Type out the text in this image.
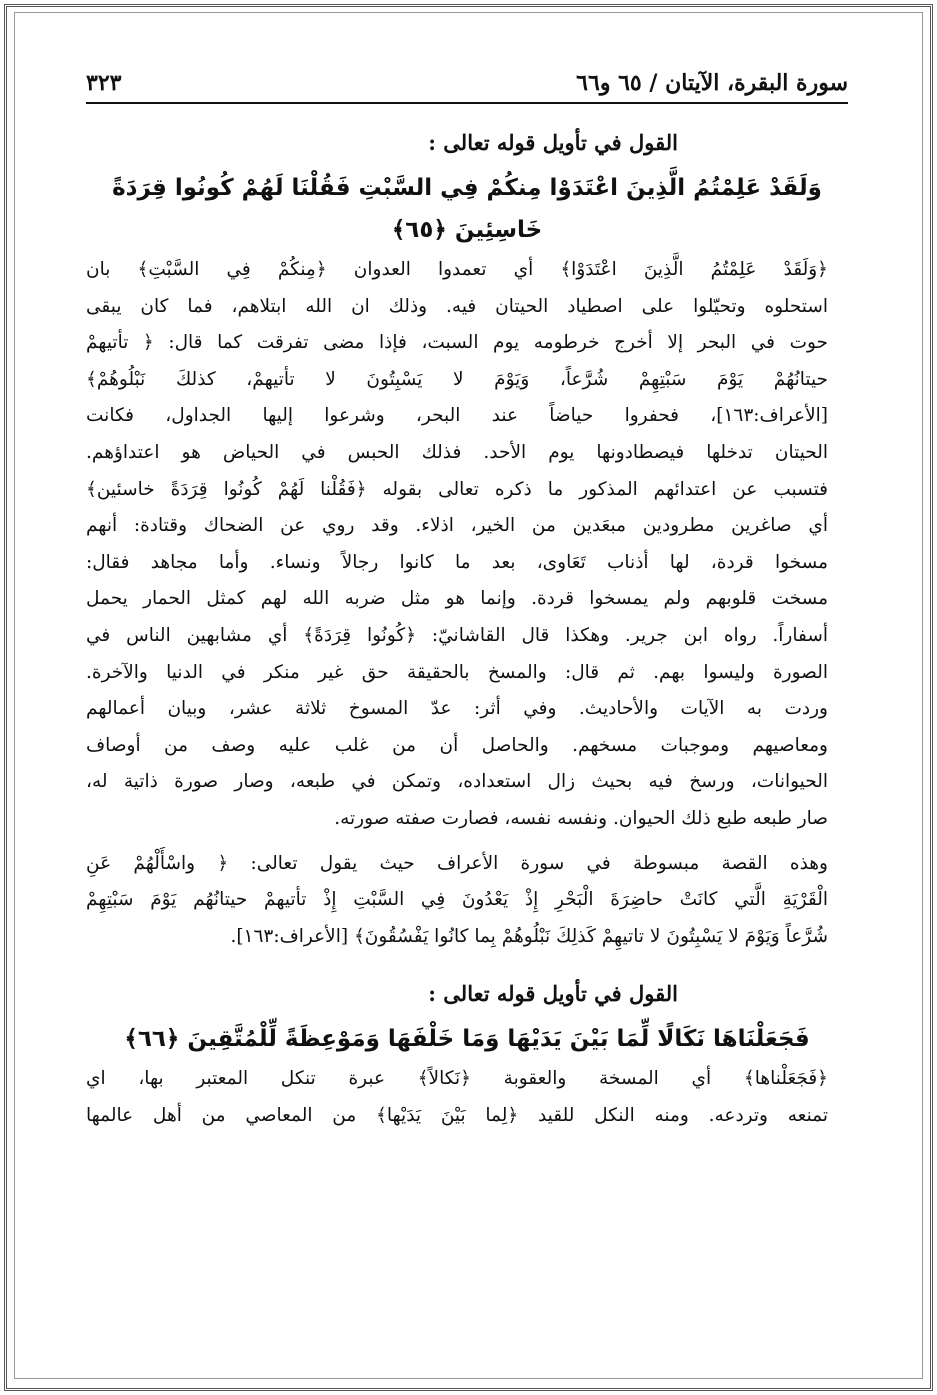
سورة البقرة، الآيتان / ٦٥ و٦٦
٣٢٣
القول في تأويل قوله تعالى :
وَلَقَدْ عَلِمْتُمُ الَّذِينَ اعْتَدَوْا مِنكُمْ فِي السَّبْتِ فَقُلْنَا لَهُمْ كُونُوا قِرَدَةً
خَاسِئِينَ ﴿٦٥﴾
﴿وَلَقَدْ عَلِمْتُمُ الَّذِينَ اعْتَدَوْا﴾ أي تعمدوا العدوان ﴿مِنكُمْ فِي السَّبْتِ﴾ بان
استحلوه وتحيّلوا على اصطياد الحيتان فيه. وذلك ان الله ابتلاهم، فما كان يبقى
حوت في البحر إلا أخرج خرطومه يوم السبت، فإذا مضى تفرقت كما قال: ﴿ تأتيهمْ
حيتانُهُمْ يَوْمَ سَبْتِهِمْ شُرَّعاً، وَيَوْمَ لا يَسْبِتُونَ لا تأتيهمْ، كذلكَ نَبْلُوهُمْ﴾
[الأعراف:١٦٣]، فحفروا حياضاً عند البحر، وشرعوا إليها الجداول، فكانت
الحيتان تدخلها فيصطادونها يوم الأحد. فذلك الحبس في الحياض هو اعتداؤهم.
فتسبب عن اعتدائهم المذكور ما ذكره تعالى بقوله ﴿فَقُلْنا لَهُمْ كُونُوا قِرَدَةً خاسئين﴾
أي صاغرين مطرودين مبعَدين من الخير، اذلاء. وقد روي عن الضحاك وقتادة: أنهم
مسخوا قردة، لها أذناب تَعَاوى، بعد ما كانوا رجالاً ونساء. وأما مجاهد فقال:
مسخت قلوبهم ولم يمسخوا قردة. وإنما هو مثل ضربه الله لهم كمثل الحمار يحمل
أسفاراً. رواه ابن جرير. وهكذا قال القاشانيّ: ﴿كُونُوا قِرَدَةً﴾ أي مشابهين الناس في
الصورة وليسوا بهم. ثم قال: والمسخ بالحقيقة حق غير منكر في الدنيا والآخرة.
وردت به الآيات والأحاديث. وفي أثر: عدّ المسوخ ثلاثة عشر، وبيان أعمالهم
ومعاصيهم وموجبات مسخهم. والحاصل أن من غلب عليه وصف من أوصاف
الحيوانات، ورسخ فيه بحيث زال استعداده، وتمكن في طبعه، وصار صورة ذاتية له،
صار طبعه طبع ذلك الحيوان. ونفسه نفسه، فصارت صفته صورته.
وهذه القصة مبسوطة في سورة الأعراف حيث يقول تعالى: ﴿ واسْأَلْهُمْ عَنِ
الْقَرْيَةِ الَّتي كانَتْ حاضِرَةَ الْبَحْرِ إِذْ يَعْدُونَ فِي السَّبْتِ إِذْ تأتيهمْ حيتانُهُم يَوْمَ سَبْتِهِمْ
شُرَّعاً وَيَوْمَ لا يَسْبِتُونَ لا تاتيهِمْ كَذلِكَ نَبْلُوهُمْ بِما كانُوا يَفْسُقُونَ﴾ [الأعراف:١٦٣].
القول في تأويل قوله تعالى :
فَجَعَلْنَاهَا نَكَالًا لِّمَا بَيْنَ يَدَيْهَا وَمَا خَلْفَهَا وَمَوْعِظَةً لِّلْمُتَّقِينَ ﴿٦٦﴾
﴿فَجَعَلْناها﴾ أي المسخة والعقوبة ﴿نَكالاً﴾ عبرة تنكل المعتبر بها، اي
تمنعه وتردعه. ومنه النكل للقيد ﴿لِما بَيْنَ يَدَيْها﴾ من المعاصي من أهل عالمها
